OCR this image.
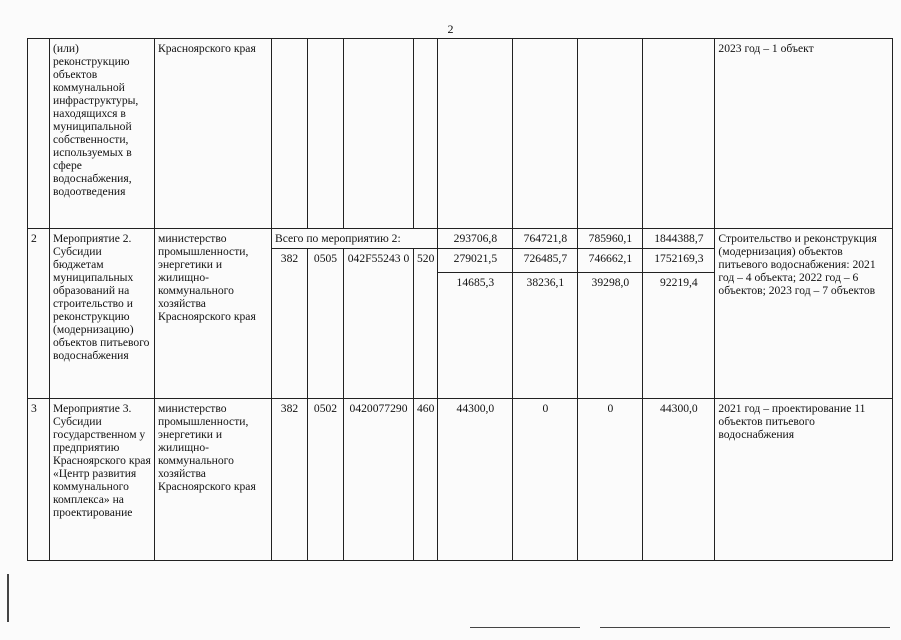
2
	(или) реконструкцию объектов коммунальной инфраструктуры, находящихся в муниципальной собственности, используемых в сфере водоснабжения, водоотведения	Красноярского края									2023 год – 1 объект
2	Мероприятие 2. Субсидии бюджетам муниципальных образований на строительство и реконструкцию (модернизацию) объектов питьевого водоснабжения	министерство промышленности, энергетики и жилищно-коммунального хозяйства Красноярского края	Всего по мероприятию 2:				293706,8	764721,8	785960,1	1844388,7	Строительство и реконструкция (модернизация) объектов питьевого водоснабжения: 2021 год – 4 объекта; 2022 год – 6 объектов; 2023 год – 7 объектов
			382	0505	042F55243 0	520	279021,5	726485,7	746662,1	1752169,3	
							14685,3	38236,1	39298,0	92219,4	
3	Мероприятие 3. Субсидии государственном у предприятию Красноярского края «Центр развития коммунального комплекса» на проектирование	министерство промышленности, энергетики и жилищно-коммунального хозяйства Красноярского края	382	0502	0420077290	460	44300,0	0	0	44300,0	2021 год – проектирование 11 объектов питьевого водоснабжения
